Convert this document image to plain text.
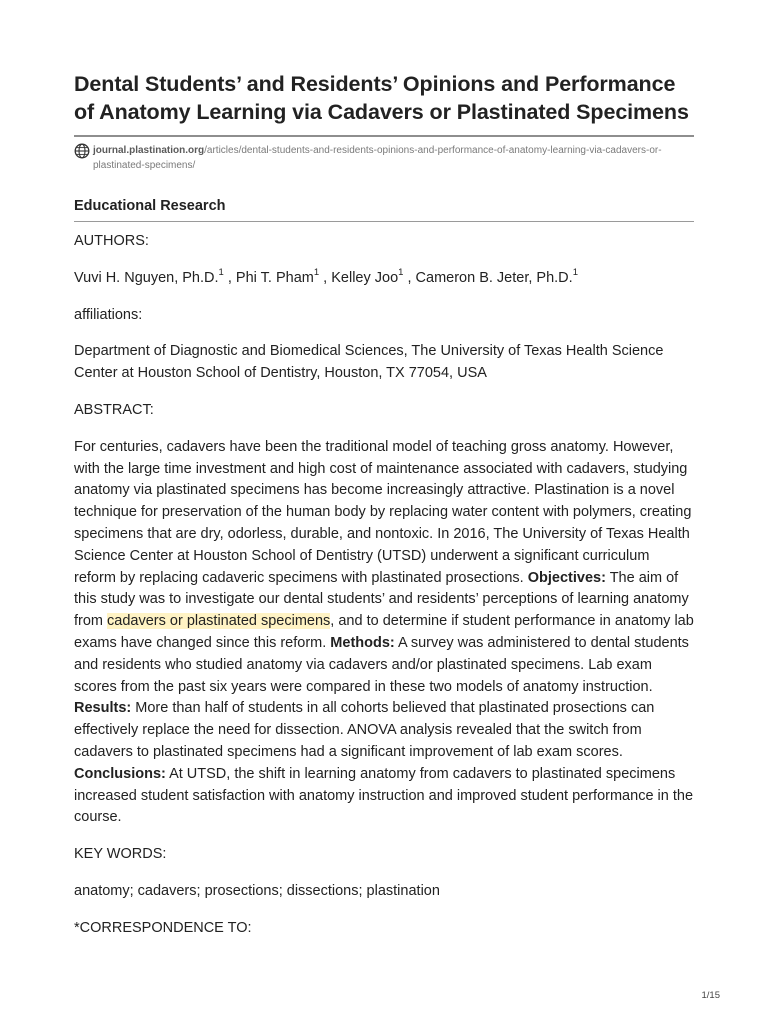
Dental Students’ and Residents’ Opinions and Performance of Anatomy Learning via Cadavers or Plastinated Specimens
journal.plastination.org/articles/dental-students-and-residents-opinions-and-performance-of-anatomy-learning-via-cadavers-or-plastinated-specimens/
Educational Research

AUTHORS:

Vuvi H. Nguyen, Ph.D.$^1$ , Phi T. Pham$^1$ , Kelley Joo$^1$ , Cameron B. Jeter, Ph.D.$^1$

affiliations:

Department of Diagnostic and Biomedical Sciences, The University of Texas Health Science Center at Houston School of Dentistry, Houston, TX 77054, USA

ABSTRACT:

For centuries, cadavers have been the traditional model of teaching gross anatomy. However, with the large time investment and high cost of maintenance associated with cadavers, studying anatomy via plastinated specimens has become increasingly attractive. Plastination is a novel technique for preservation of the human body by replacing water content with polymers, creating specimens that are dry, odorless, durable, and nontoxic. In 2016, The University of Texas Health Science Center at Houston School of Dentistry (UTSD) underwent a significant curriculum reform by replacing cadaveric specimens with plastinated prosections. Objectives: The aim of this study was to investigate our dental students’ and residents’ perceptions of learning anatomy from cadavers or plastinated specimens, and to determine if student performance in anatomy lab exams have changed since this reform. Methods: A survey was administered to dental students and residents who studied anatomy via cadavers and/or plastinated specimens. Lab exam scores from the past six years were compared in these two models of anatomy instruction. Results: More than half of students in all cohorts believed that plastinated prosections can effectively replace the need for dissection. ANOVA analysis revealed that the switch from cadavers to plastinated specimens had a significant improvement of lab exam scores. Conclusions: At UTSD, the shift in learning anatomy from cadavers to plastinated specimens increased student satisfaction with anatomy instruction and improved student performance in the course.

KEY WORDS:

anatomy; cadavers; prosections; dissections; plastination

*CORRESPONDENCE TO:

1/15
